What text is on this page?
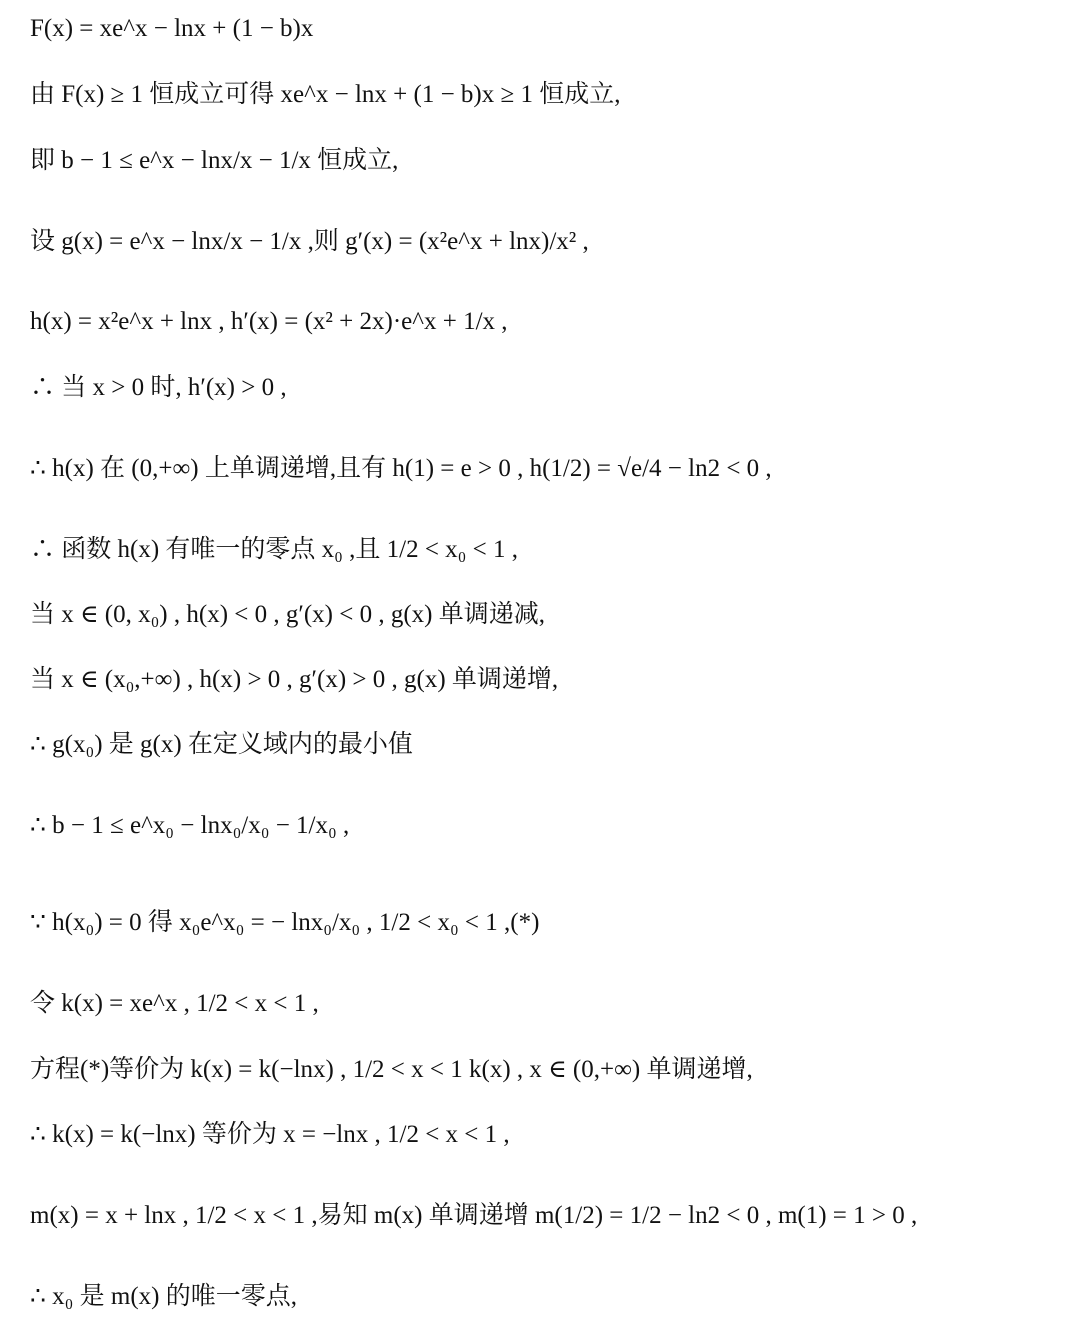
F(x) = xe^x − lnx + (1 − b)x
由 F(x) ≥ 1 恒成立可得 xe^x − lnx + (1 − b)x ≥ 1 恒成立,
即 b − 1 ≤ e^x − lnx/x − 1/x 恒成立,
设 g(x) = e^x − lnx/x − 1/x ,则 g′(x) = (x²e^x + lnx)/x² ,
h(x) = x²e^x + lnx , h′(x) = (x² + 2x)·e^x + 1/x ,
∴ 当 x > 0 时, h′(x) > 0 ,
∴ h(x) 在 (0,+∞) 上单调递增,且有 h(1) = e > 0 , h(1/2) = √e/4 − ln2 < 0 ,
∴ 函数 h(x) 有唯一的零点 x₀ ,且 1/2 < x₀ < 1 ,
当 x ∈ (0, x₀) , h(x) < 0 , g′(x) < 0 , g(x) 单调递减,
当 x ∈ (x₀,+∞) , h(x) > 0 , g′(x) > 0 , g(x) 单调递增,
∴ g(x₀) 是 g(x) 在定义域内的最小值
∴ b − 1 ≤ e^x₀ − lnx₀/x₀ − 1/x₀ ,
∵ h(x₀) = 0 得 x₀e^x₀ = − lnx₀/x₀ , 1/2 < x₀ < 1 ,(*)
令 k(x) = xe^x , 1/2 < x < 1 ,
方程(*)等价为 k(x) = k(−lnx) , 1/2 < x < 1 k(x) , x ∈ (0,+∞) 单调递增,
∴ k(x) = k(−lnx) 等价为 x = −lnx , 1/2 < x < 1 ,
m(x) = x + lnx , 1/2 < x < 1 ,易知 m(x) 单调递增 m(1/2) = 1/2 − ln2 < 0 , m(1) = 1 > 0 ,
∴ x₀ 是 m(x) 的唯一零点,
